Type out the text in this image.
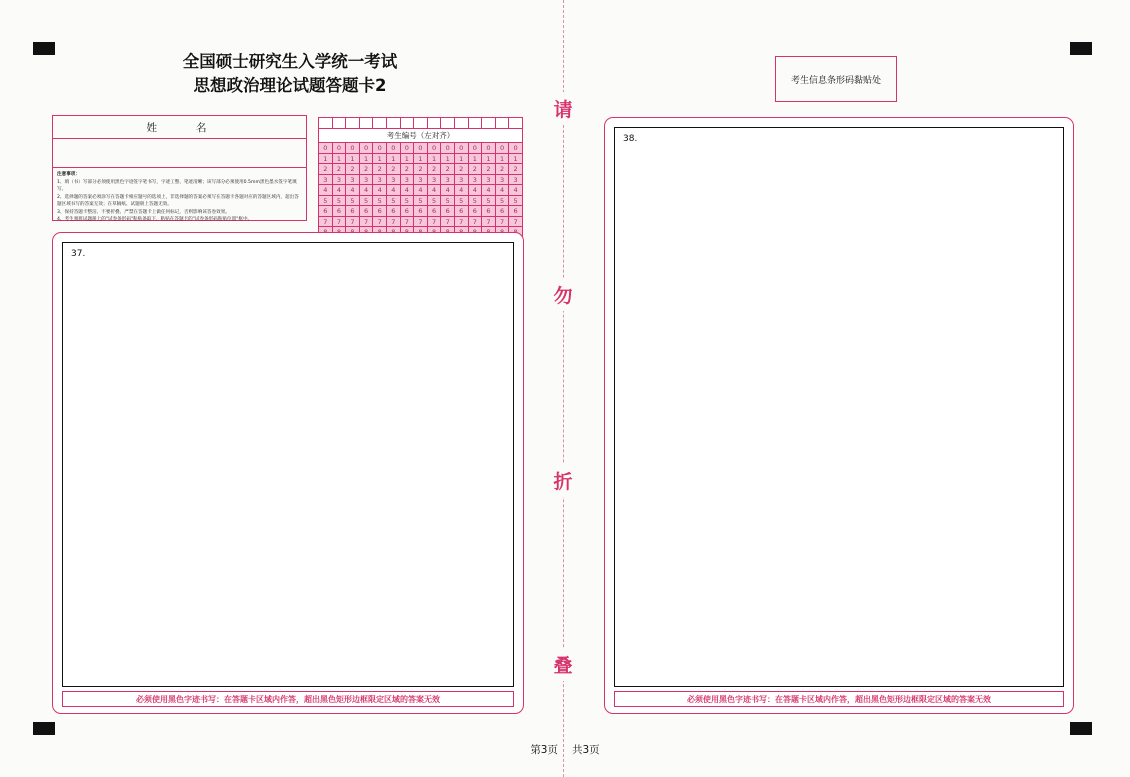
请
勿
折
叠
全国硕士研究生入学统一考试
思想政治理论试题答题卡2	考生信息条形码黏贴处
姓　　名
注意事项：
1、填（书）写部分必须使用黑色字迹签字笔书写，字迹工整、笔迹清晰；该写部分必须使用0.5mm黑色墨水签字笔填写。
2、选择题的答案必须涂写在答题卡相应题号的选项上，非选择题的答案必须写在答题卡各题对应的答题区域内，超出答题区域书写的答案无效；在草稿纸、试题册上答题无效。
3、保持答题卡整洁、不要折叠、严禁在答题卡上做任何标记，否则影响该答卷效果。
4、考生须将试题册上的"试卷条形码"粘贴条取下，粘贴在答题卡的"试卷条形码粘贴位置"框中。
考生编号（左对齐）
0	0	0	0	0	0	0	0	0	0	0	0	0	0	0
1	1	1	1	1	1	1	1	1	1	1	1	1	1	1
2	2	2	2	2	2	2	2	2	2	2	2	2	2	2
3	3	3	3	3	3	3	3	3	3	3	3	3	3	3
4	4	4	4	4	4	4	4	4	4	4	4	4	4	4
5	5	5	5	5	5	5	5	5	5	5	5	5	5	5
6	6	6	6	6	6	6	6	6	6	6	6	6	6	6
7	7	7	7	7	7	7	7	7	7	7	7	7	7	7
37.
必须使用黑色字迹书写：在答题卡区域内作答，超出黑色矩形边框限定区域的答案无效
38.
必须使用黑色字迹书写：在答题卡区域内作答，超出黑色矩形边框限定区域的答案无效
第3页 共3页
